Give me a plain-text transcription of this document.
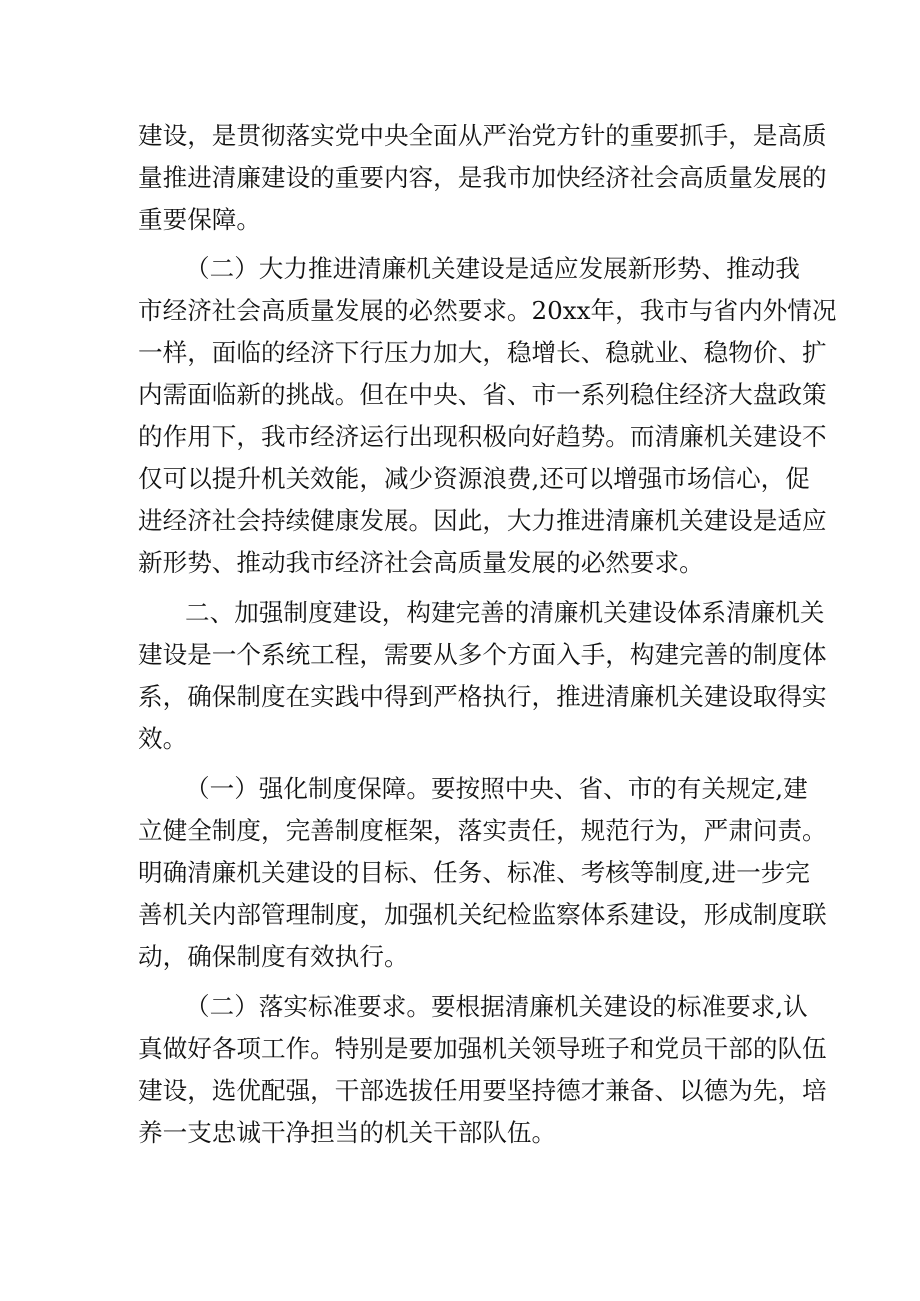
建设，是贯彻落实党中央全面从严治党方针的重要抓手，是高质
量推进清廉建设的重要内容，是我市加快经济社会高质量发展的
重要保障。
（二）大力推进清廉机关建设是适应发展新形势、推动我
市经济社会高质量发展的必然要求。20xx年，我市与省内外情况
一样，面临的经济下行压力加大，稳增长、稳就业、稳物价、扩
内需面临新的挑战。但在中央、省、市一系列稳住经济大盘政策
的作用下，我市经济运行出现积极向好趋势。而清廉机关建设不
仅可以提升机关效能，减少资源浪费,还可以增强市场信心，促
进经济社会持续健康发展。因此，大力推进清廉机关建设是适应
新形势、推动我市经济社会高质量发展的必然要求。
二、加强制度建设，构建完善的清廉机关建设体系清廉机关
建设是一个系统工程，需要从多个方面入手，构建完善的制度体
系，确保制度在实践中得到严格执行，推进清廉机关建设取得实
效。
（一）强化制度保障。要按照中央、省、市的有关规定,建
立健全制度，完善制度框架，落实责任，规范行为，严肃问责。
明确清廉机关建设的目标、任务、标准、考核等制度,进一步完
善机关内部管理制度，加强机关纪检监察体系建设，形成制度联
动，确保制度有效执行。
（二）落实标准要求。要根据清廉机关建设的标准要求,认
真做好各项工作。特别是要加强机关领导班子和党员干部的队伍
建设，选优配强，干部选拔任用要坚持德才兼备、以德为先，培
养一支忠诚干净担当的机关干部队伍。
